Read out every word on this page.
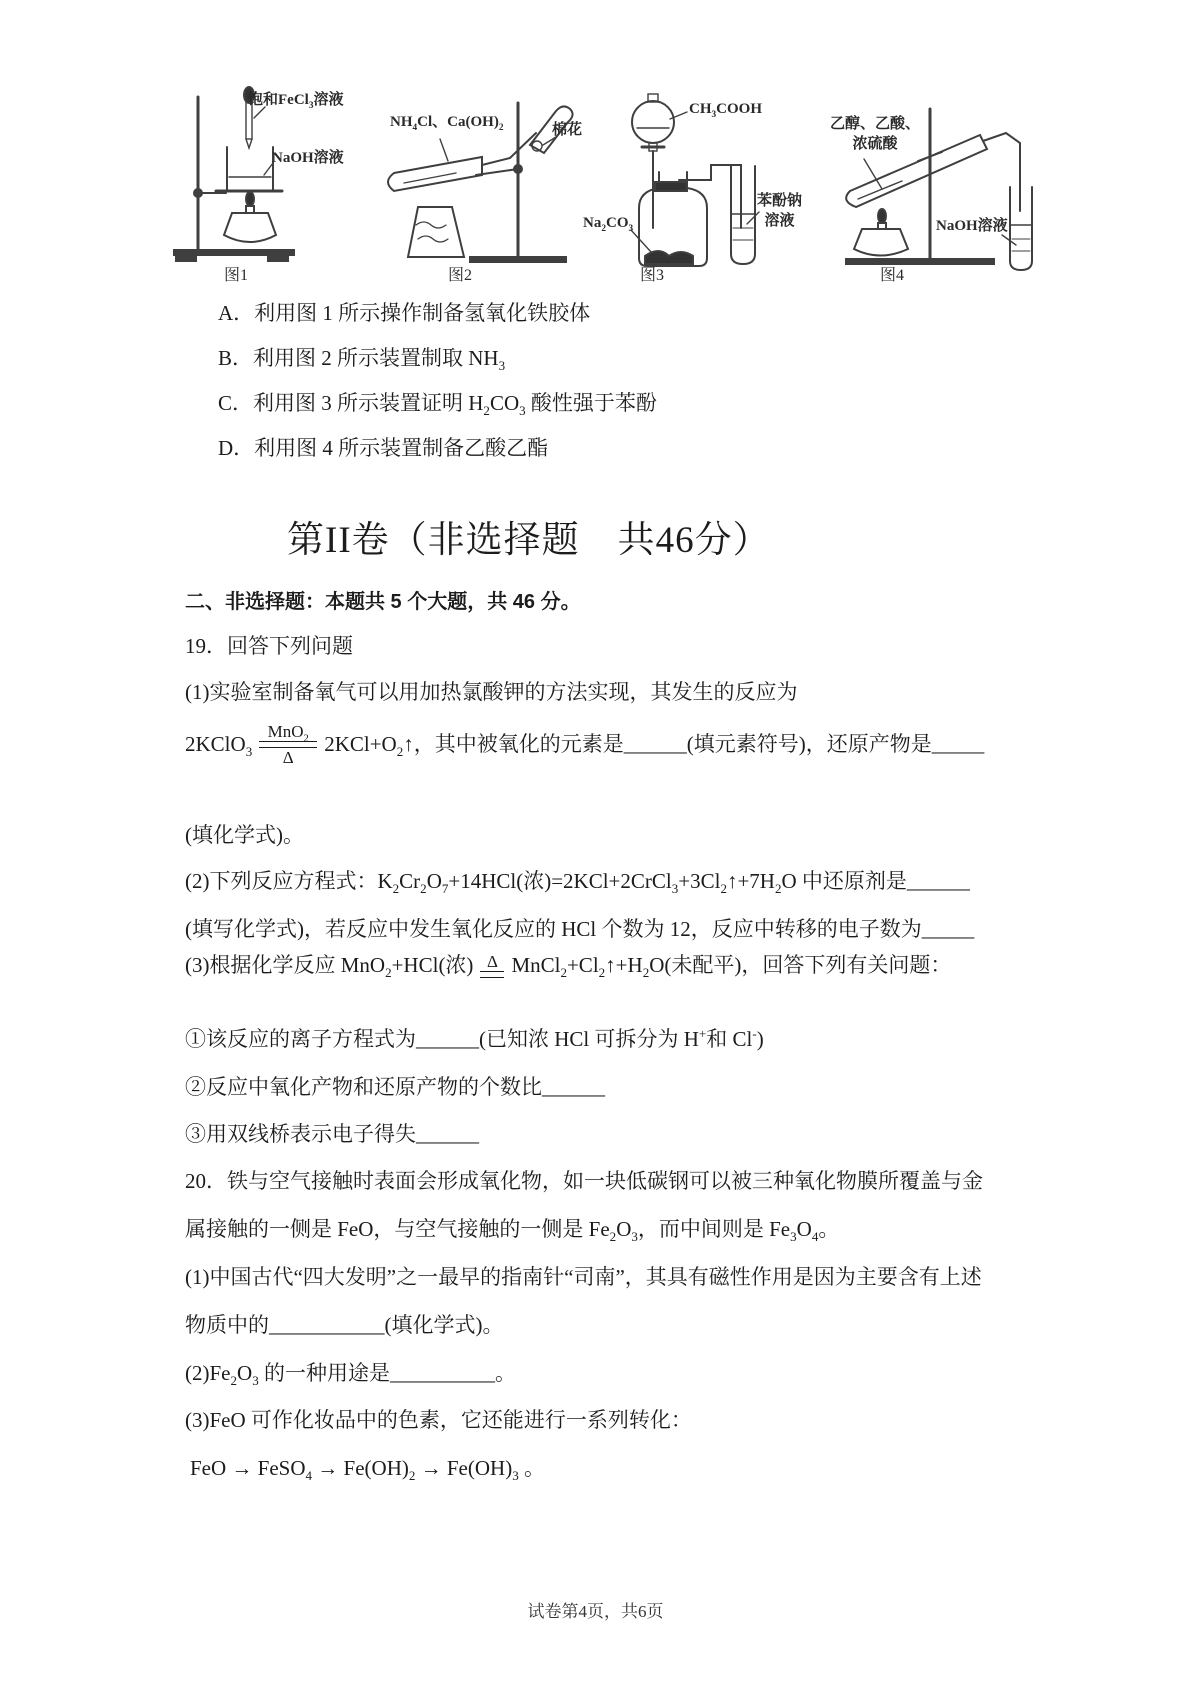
饱和FeCl$_3$溶液
NaOH溶液
图1
$NH_4Cl$、$Ca(OH)_2$	棉花
图2
$CH_3COOH$
$Na_2CO_3$
苯酚钠
溶液
图3
乙醇、乙酸、
浓硫酸
NaOH溶液
图4
A．利用图 1 所示操作制备氢氧化铁胶体
B．利用图 2 所示装置制取 $NH_3$
C．利用图 3 所示装置证明 $H_2CO_3$ 酸性强于苯酚
D．利用图 4 所示装置制备乙酸乙酯
第II卷（非选择题　共46分）
二、非选择题：本题共 5 个大题，共 46 分。
19．回答下列问题
(1)实验室制备氧气可以用加热氯酸钾的方法实现，其发生的反应为
2KClO$_3$
MnO$_2$
Δ
$2KCl+O_2↑$，其中被氧化的元素是______(填元素符号)，还原产物是_____
(填化学式)。
(2)下列反应方程式：$K_2Cr_2O_7+14HCl$(浓)$=2KCl+2CrCl_3+3Cl_2↑+7H_2O$ 中还原剂是______
(填写化学式)，若反应中发生氧化反应的 HCl 个数为 12，反应中转移的电子数为_____
(3)根据化学反应 MnO$_2$+HCl(浓) Δ $MnCl_2+Cl_2↑+H_2O$(未配平)，回答下列有关问题：
①该反应的离子方程式为______(已知浓 HCl 可拆分为 H+和 Cl-)
②反应中氧化产物和还原产物的个数比______
③用双线桥表示电子得失______
20．铁与空气接触时表面会形成氧化物，如一块低碳钢可以被三种氧化物膜所覆盖与金
属接触的一侧是 FeO，与空气接触的一侧是 $Fe_2O_3$，而中间则是 $Fe_3O_4$。
(1)中国古代“四大发明”之一最早的指南针“司南”，其具有磁性作用是因为主要含有上述
物质中的___________(填化学式)。
$(2)Fe_2O_3$ 的一种用途是__________。
(3)FeO 可作化妆品中的色素，它还能进行一系列转化：
FeO → FeSO$_4$ → $Fe(OH)_2 \to Fe(OH)_3$ 。
试卷第4页，共6页
